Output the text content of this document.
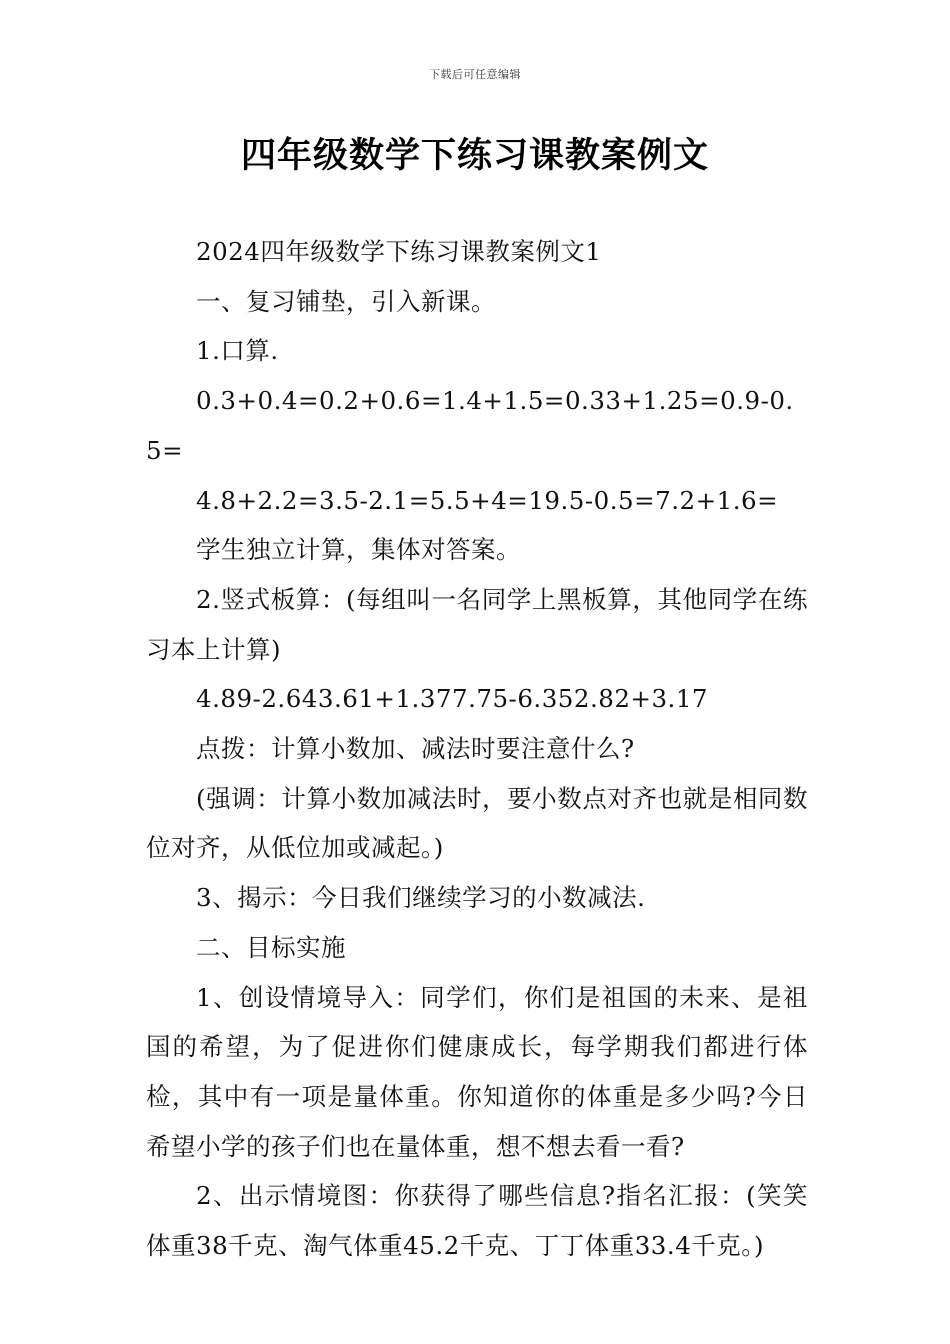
下载后可任意编辑
四年级数学下练习课教案例文

2024四年级数学下练习课教案例文1

一、复习铺垫，引入新课。

1.口算.

0.3+0.4=0.2+0.6=1.4+1.5=0.33+1.25=0.9-0.5=

4.8+2.2=3.5-2.1=5.5+4=19.5-0.5=7.2+1.6=

学生独立计算，集体对答案。

2.竖式板算：(每组叫一名同学上黑板算，其他同学在练习本上计算)

4.89-2.643.61+1.377.75-6.352.82+3.17

点拨：计算小数加、减法时要注意什么?

(强调：计算小数加减法时，要小数点对齐也就是相同数位对齐，从低位加或减起。)

3、揭示：今日我们继续学习的小数减法.

二、目标实施

1、创设情境导入：同学们，你们是祖国的未来、是祖国的希望，为了促进你们健康成长，每学期我们都进行体检，其中有一项是量体重。你知道你的体重是多少吗?今日希望小学的孩子们也在量体重，想不想去看一看?

2、出示情境图：你获得了哪些信息?指名汇报：(笑笑体重38千克、淘气体重45.2千克、丁丁体重33.4千克。)
